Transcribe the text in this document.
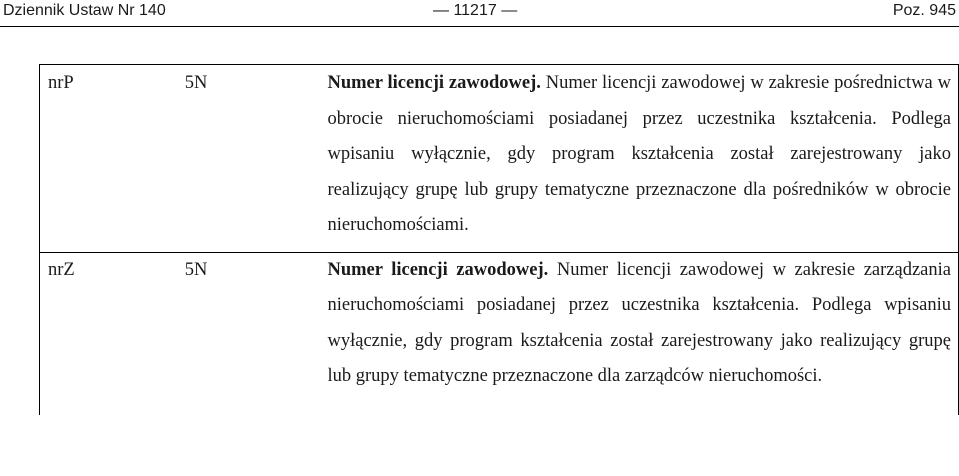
Dziennik Ustaw Nr 140	— 11217 —	Poz. 945
nrP	5N	Numer licencji zawodowej. Numer licencji zawodowej w zakresie pośrednictwa w obrocie nieruchomościami posiadanej przez uczestnika kształcenia. Podlega wpisaniu wyłącznie, gdy program kształcenia został zarejestrowany jako realizujący grupę lub grupy tematyczne przeznaczone dla pośredników w obrocie nieruchomościami.
nrZ	5N	Numer licencji zawodowej. Numer licencji zawodowej w zakresie zarządzania nieruchomościami posiadanej przez uczestnika kształcenia. Podlega wpisaniu wyłącznie, gdy program kształcenia został zarejestrowany jako realizujący grupę lub grupy tematyczne przeznaczone dla zarządców nieruchomości.
